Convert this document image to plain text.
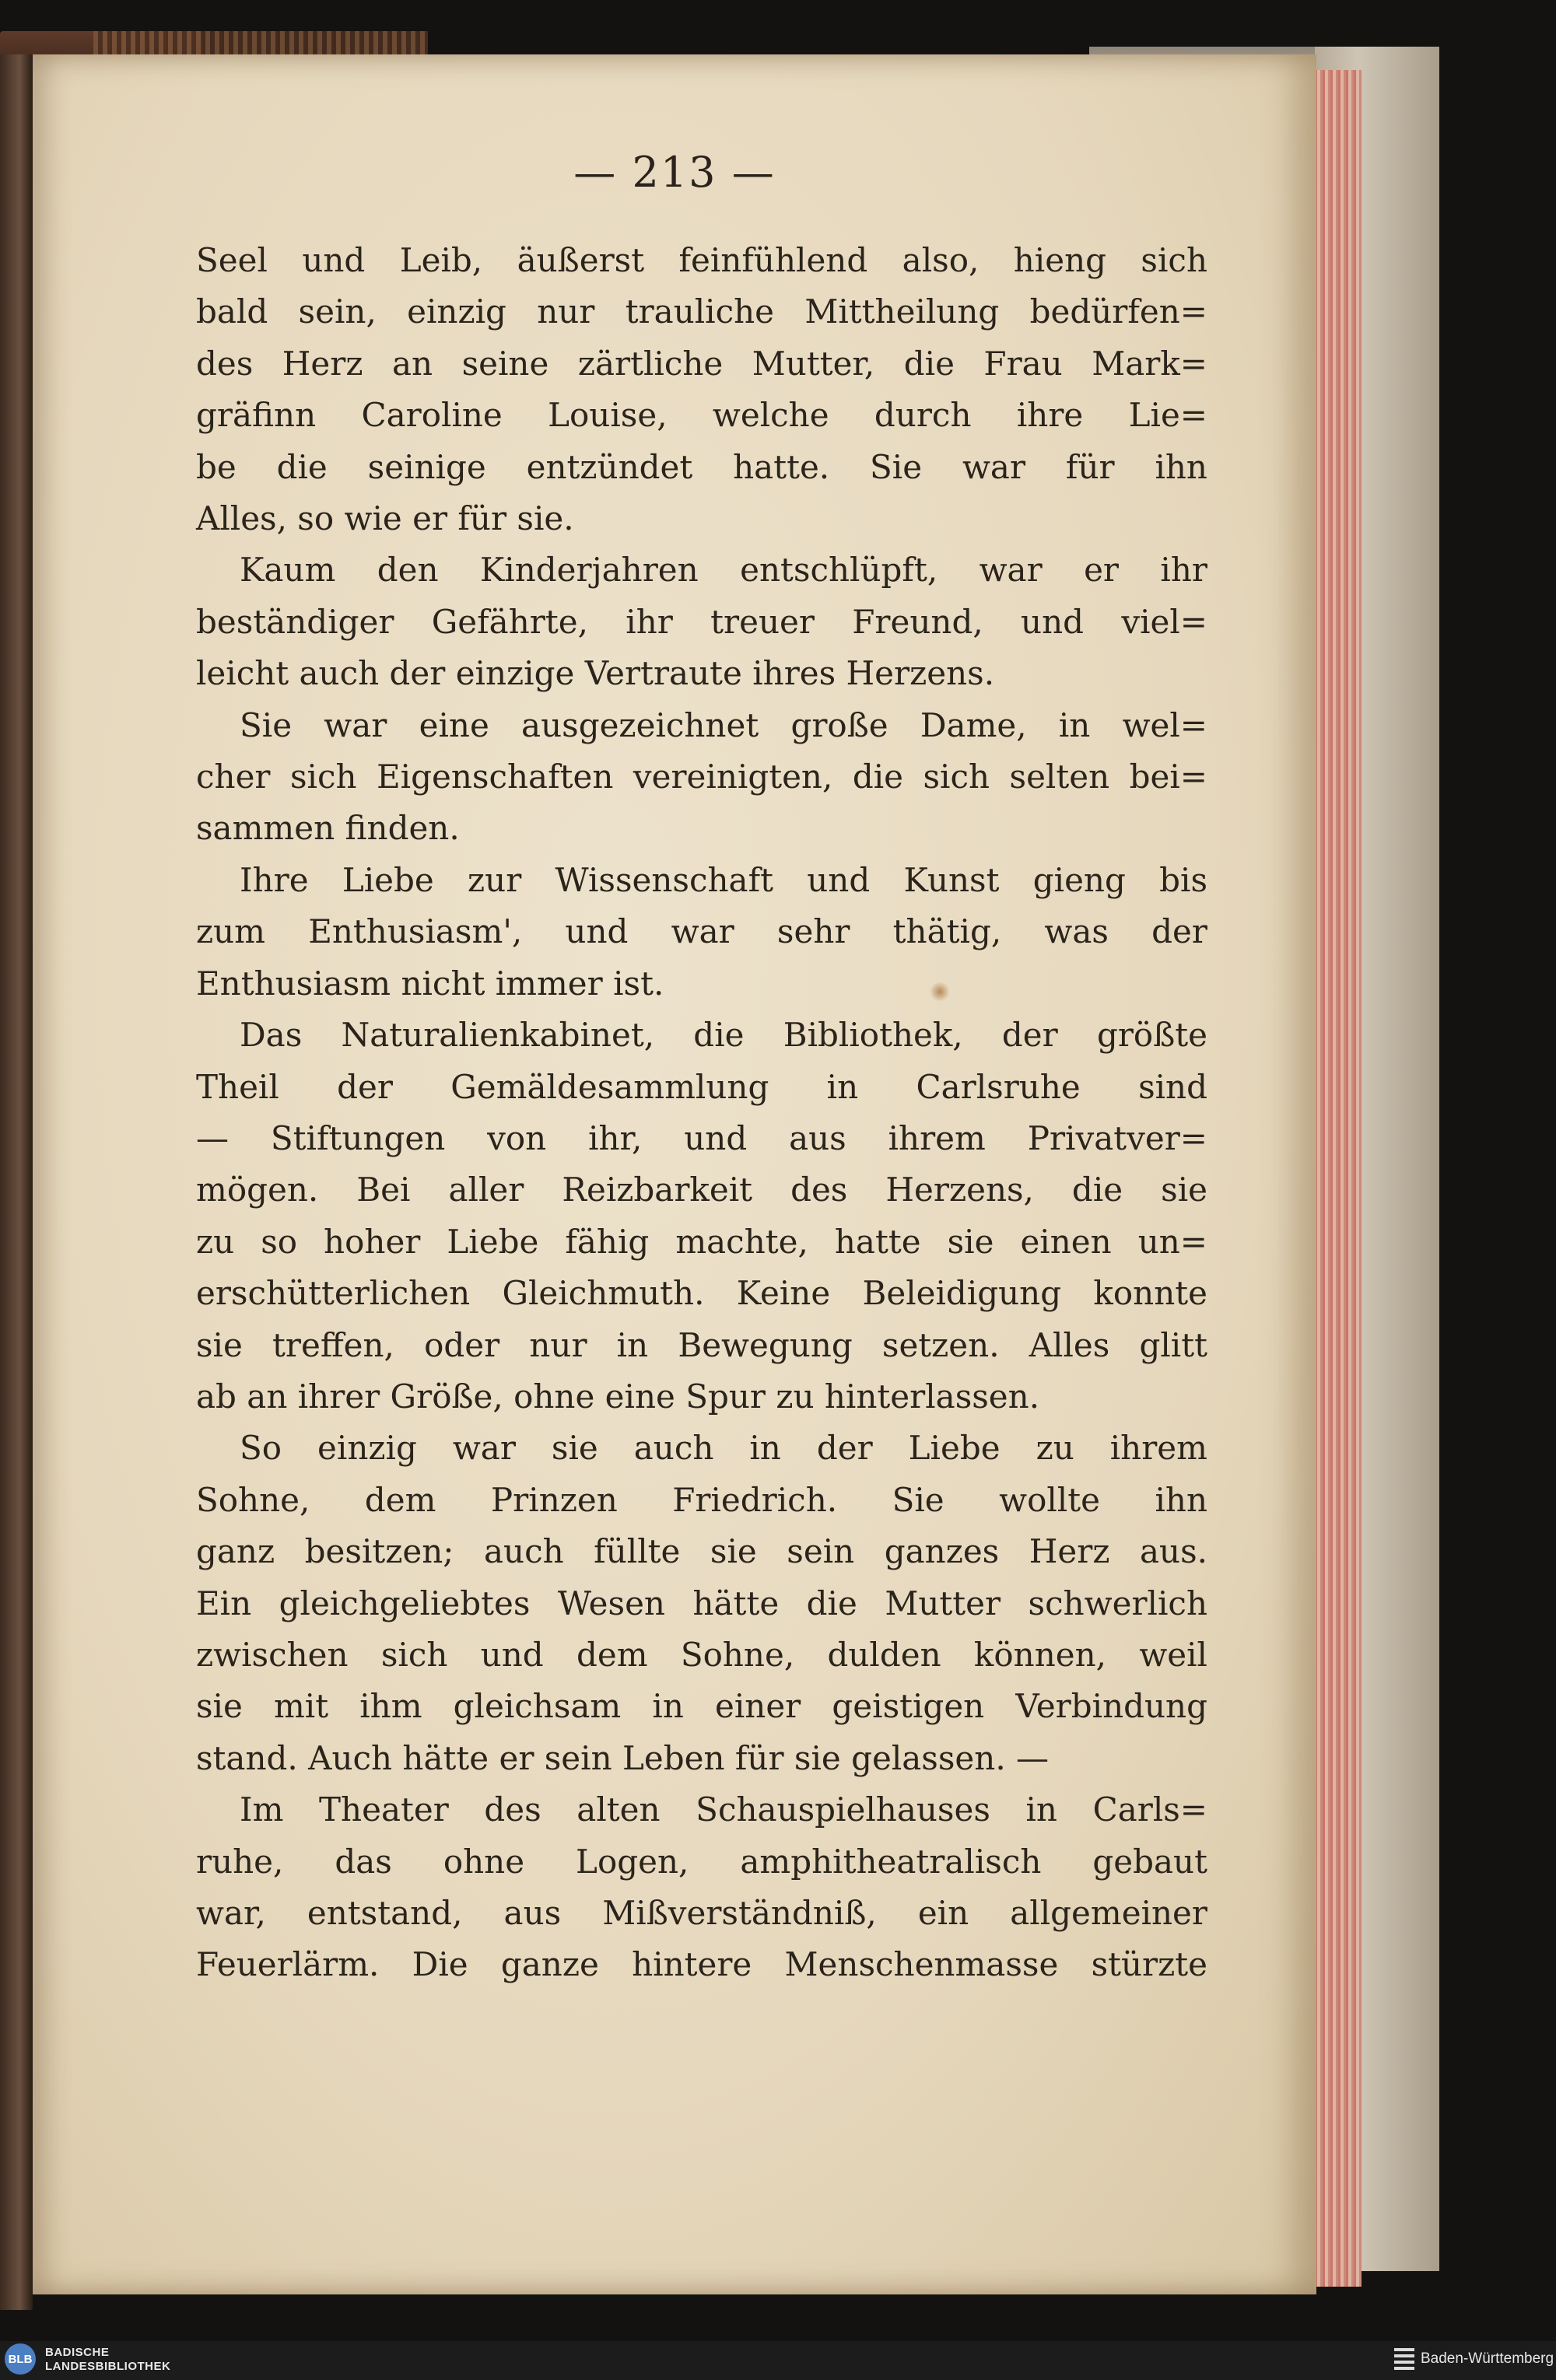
— 213 —
Seel und Leib, äußerst feinfühlend also, hieng sich
bald sein, einzig nur trauliche Mittheilung bedürfen=
des Herz an seine zärtliche Mutter, die Frau Mark=
gräfinn Caroline Louise, welche durch ihre Lie=
be die seinige entzündet hatte. Sie war für ihn
Alles, so wie er für sie.
Kaum den Kinderjahren entschlüpft, war er ihr
beständiger Gefährte, ihr treuer Freund, und viel=
leicht auch der einzige Vertraute ihres Herzens.
Sie war eine ausgezeichnet große Dame, in wel=
cher sich Eigenschaften vereinigten, die sich selten bei=
sammen finden.
Ihre Liebe zur Wissenschaft und Kunst gieng bis
zum Enthusiasm', und war sehr thätig, was der
Enthusiasm nicht immer ist.
Das Naturalienkabinet, die Bibliothek, der größte
Theil der Gemäldesammlung in Carlsruhe sind
— Stiftungen von ihr, und aus ihrem Privatver=
mögen. Bei aller Reizbarkeit des Herzens, die sie
zu so hoher Liebe fähig machte, hatte sie einen un=
erschütterlichen Gleichmuth. Keine Beleidigung konnte
sie treffen, oder nur in Bewegung setzen. Alles glitt
ab an ihrer Größe, ohne eine Spur zu hinterlassen.
So einzig war sie auch in der Liebe zu ihrem
Sohne, dem Prinzen Friedrich. Sie wollte ihn
ganz besitzen; auch füllte sie sein ganzes Herz aus.
Ein gleichgeliebtes Wesen hätte die Mutter schwerlich
zwischen sich und dem Sohne, dulden können, weil
sie mit ihm gleichsam in einer geistigen Verbindung
stand. Auch hätte er sein Leben für sie gelassen. —
Im Theater des alten Schauspielhauses in Carls=
ruhe, das ohne Logen, amphitheatralisch gebaut
war, entstand, aus Mißverständniß, ein allgemeiner
Feuerlärm. Die ganze hintere Menschenmasse stürzte
BLB	BADISCHE
LANDESBIBLIOTHEK	Baden-Württemberg
